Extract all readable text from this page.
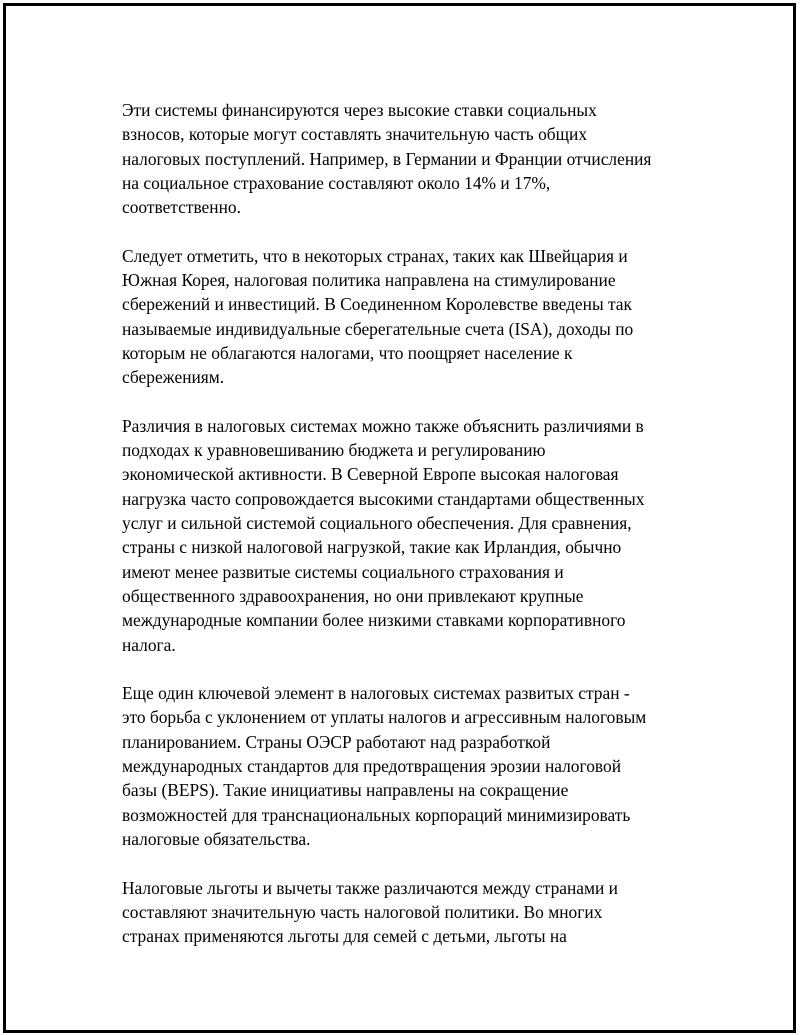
Эти системы финансируются через высокие ставки социальных
взносов, которые могут составлять значительную часть общих
налоговых поступлений. Например, в Германии и Франции отчисления
на социальное страхование составляют около 14% и 17%,
соответственно.

Следует отметить, что в некоторых странах, таких как Швейцария и
Южная Корея, налоговая политика направлена на стимулирование
сбережений и инвестиций. В Соединенном Королевстве введены так
называемые индивидуальные сберегательные счета (ISA), доходы по
которым не облагаются налогами, что поощряет население к
сбережениям.

Различия в налоговых системах можно также объяснить различиями в
подходах к уравновешиванию бюджета и регулированию
экономической активности. В Северной Европе высокая налоговая
нагрузка часто сопровождается высокими стандартами общественных
услуг и сильной системой социального обеспечения. Для сравнения,
страны с низкой налоговой нагрузкой, такие как Ирландия, обычно
имеют менее развитые системы социального страхования и
общественного здравоохранения, но они привлекают крупные
международные компании более низкими ставками корпоративного
налога.

Еще один ключевой элемент в налоговых системах развитых стран -
это борьба с уклонением от уплаты налогов и агрессивным налоговым
планированием. Страны ОЭСР работают над разработкой
международных стандартов для предотвращения эрозии налоговой
базы (BEPS). Такие инициативы направлены на сокращение
возможностей для транснациональных корпораций минимизировать
налоговые обязательства.

Налоговые льготы и вычеты также различаются между странами и
составляют значительную часть налоговой политики. Во многих
странах применяются льготы для семей с детьми, льготы на
